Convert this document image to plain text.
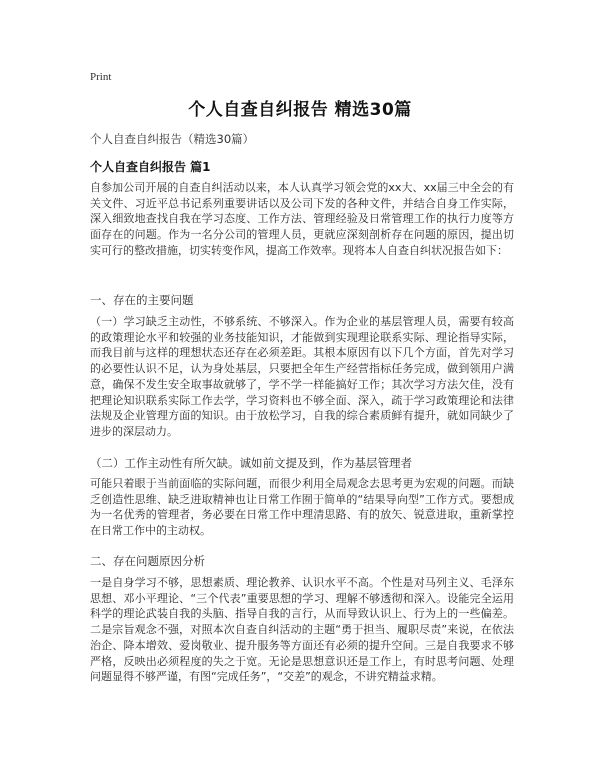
Print
个人自查自纠报告 精选30篇
个人自查自纠报告（精选30篇）
个人自查自纠报告 篇1
自参加公司开展的自查自纠活动以来，本人认真学习领会党的xx大、xx届三中全会的有关文件、习近平总书记系列重要讲话以及公司下发的各种文件，并结合自身工作实际，深入细致地查找自我在学习态度、工作方法、管理经验及日常管理工作的执行力度等方面存在的问题。作为一名分公司的管理人员，更就应深刻剖析存在问题的原因，提出切实可行的整改措施，切实转变作风，提高工作效率。现将本人自查自纠状况报告如下：
一、存在的主要问题
（一）学习缺乏主动性，不够系统、不够深入。作为企业的基层管理人员，需要有较高的政策理论水平和较强的业务技能知识，才能做到实现理论联系实际、理论指导实际，而我目前与这样的理想状态还存在必须差距。其根本原因有以下几个方面，首先对学习的必要性认识不足，认为身处基层，只要把全年生产经营指标任务完成，做到领用户满意，确保不发生安全取事故就够了，学不学一样能搞好工作；其次学习方法欠佳，没有把理论知识联系实际工作去学，学习资料也不够全面、深入，疏于学习政策理论和法律法规及企业管理方面的知识。由于放松学习，自我的综合素质鲜有提升，就如同缺少了进步的深层动力。
（二）工作主动性有所欠缺。诚如前文提及到，作为基层管理者
可能只着眼于当前面临的实际问题，而很少利用全局观念去思考更为宏观的问题。而缺乏创造性思维、缺乏进取精神也让日常工作囿于简单的“结果导向型”工作方式。要想成为一名优秀的管理者，务必要在日常工作中理清思路、有的放矢、锐意进取，重新掌控在日常工作中的主动权。
二、存在问题原因分析
一是自身学习不够，思想素质、理论教养、认识水平不高。个性是对马列主义、毛泽东思想、邓小平理论、“三个代表”重要思想的学习、理解不够透彻和深入。设能完全运用科学的理论武装自我的头脑、指导自我的言行，从而导致认识上、行为上的一些偏差。二是宗旨观念不强，对照本次自查自纠活动的主题“勇于担当、履职尽责”来说，在依法治企、降本增效、爱岗敬业、提升服务等方面还有必须的提升空间。三是自我要求不够严格，反映出必须程度的失之于宽。无论是思想意识还是工作上，有时思考问题、处理问题显得不够严谨，有图“完成任务”，“交差”的观念，不讲究精益求精。
